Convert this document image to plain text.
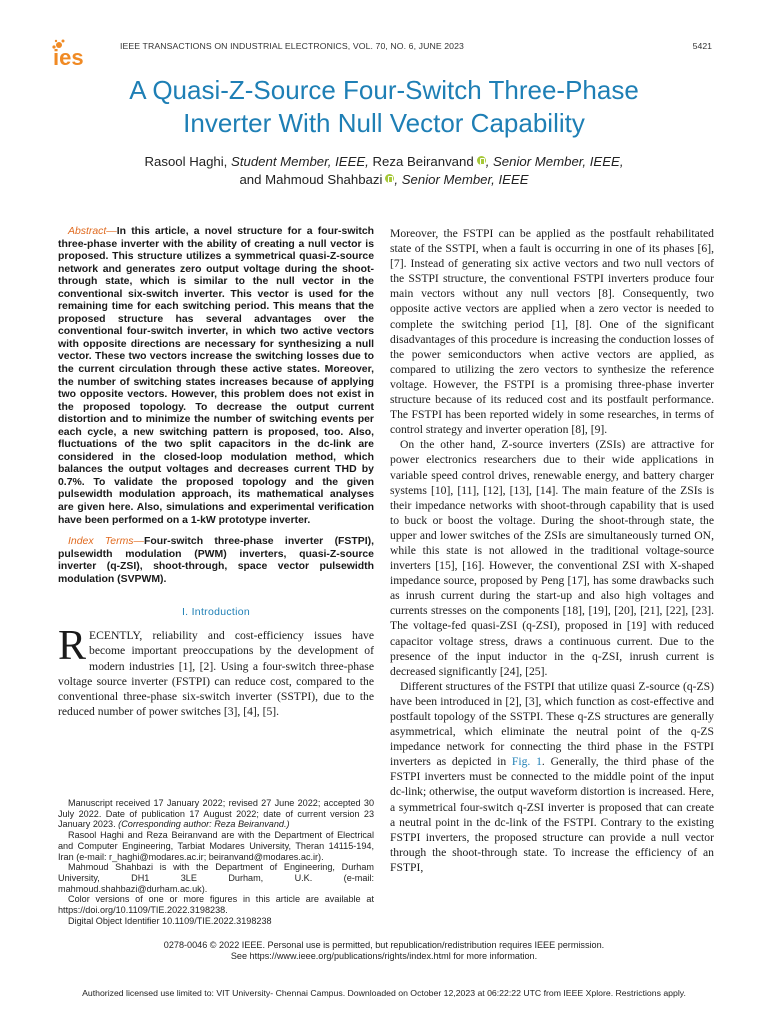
ies	IEEE TRANSACTIONS ON INDUSTRIAL ELECTRONICS, VOL. 70, NO. 6, JUNE 2023	5421
A Quasi-Z-Source Four-Switch Three-Phase
Inverter With Null Vector Capability
Rasool Haghi, Student Member, IEEE, Reza Beiranvand , Senior Member, IEEE,
and Mahmoud Shahbazi , Senior Member, IEEE

Abstract—In this article, a novel structure for a four-switch three-phase inverter with the ability of creating a null vector is proposed. This structure utilizes a symmetrical quasi-Z-source network and generates zero output voltage during the shoot-through state, which is similar to the null vector in the conventional six-switch inverter. This vector is used for the remaining time for each switching period. This means that the proposed structure has several advantages over the conventional four-switch inverter, in which two active vectors with opposite directions are necessary for synthesizing a null vector. These two vectors increase the switching losses due to the current circulation through these active states. Moreover, the number of switching states increases because of applying two opposite vectors. However, this problem does not exist in the proposed topology. To decrease the output current distortion and to minimize the number of switching events per each cycle, a new switching pattern is proposed, too. Also, fluctuations of the two split capacitors in the dc-link are considered in the closed-loop modulation method, which balances the output voltages and decreases current THD by 0.7%. To validate the proposed topology and the given pulsewidth modulation approach, its mathematical analyses are given here. Also, simulations and experimental verification have been performed on a 1-kW prototype inverter.

Index Terms—Four-switch three-phase inverter (FSTPI), pulsewidth modulation (PWM) inverters, quasi-Z-source inverter (q-ZSI), shoot-through, space vector pulsewidth modulation (SVPWM).

I. Introduction

RECENTLY, reliability and cost-efficiency issues have become important preoccupations by the development of modern industries [1], [2]. Using a four-switch three-phase voltage source inverter (FSTPI) can reduce cost, compared to the conventional three-phase six-switch inverter (SSTPI), due to the reduced number of power switches [3], [4], [5].

Manuscript received 17 January 2022; revised 27 June 2022; accepted 30 July 2022. Date of publication 17 August 2022; date of current version 23 January 2023. (Corresponding author: Reza Beiranvand.)

Rasool Haghi and Reza Beiranvand are with the Department of Electrical and Computer Engineering, Tarbiat Modares University, Theran 14115-194, Iran (e-mail: r_haghi@modares.ac.ir; beiranvand@modares.ac.ir).

Mahmoud Shahbazi is with the Department of Engineering, Durham University, DH1 3LE Durham, U.K. (e-mail: mahmoud.shahbazi@durham.ac.uk).

Color versions of one or more figures in this article are available at https://doi.org/10.1109/TIE.2022.3198238.

Digital Object Identifier 10.1109/TIE.2022.3198238

Moreover, the FSTPI can be applied as the postfault rehabilitated state of the SSTPI, when a fault is occurring in one of its phases [6], [7]. Instead of generating six active vectors and two null vectors of the SSTPI structure, the conventional FSTPI inverters produce four main vectors without any null vectors [8]. Consequently, two opposite active vectors are applied when a zero vector is needed to complete the switching period [1], [8]. One of the significant disadvantages of this procedure is increasing the conduction losses of the power semiconductors when active vectors are applied, as compared to utilizing the zero vectors to synthesize the reference voltage. However, the FSTPI is a promising three-phase inverter structure because of its reduced cost and its postfault performance. The FSTPI has been reported widely in some researches, in terms of control strategy and inverter operation [8], [9].

On the other hand, Z-source inverters (ZSIs) are attractive for power electronics researchers due to their wide applications in variable speed control drives, renewable energy, and battery charger systems [10], [11], [12], [13], [14]. The main feature of the ZSIs is their impedance networks with shoot-through capability that is used to buck or boost the voltage. During the shoot-through state, the upper and lower switches of the ZSIs are simultaneously turned ON, while this state is not allowed in the traditional voltage-source inverters [15], [16]. However, the conventional ZSI with X-shaped impedance source, proposed by Peng [17], has some drawbacks such as inrush current during the start-up and also high voltages and currents stresses on the components [18], [19], [20], [21], [22], [23]. The voltage-fed quasi-ZSI (q-ZSI), proposed in [19] with reduced capacitor voltage stress, draws a continuous current. Due to the presence of the input inductor in the q-ZSI, inrush current is decreased significantly [24], [25].

Different structures of the FSTPI that utilize quasi Z-source (q-ZS) have been introduced in [2], [3], which function as cost-effective and postfault topology of the SSTPI. These q-ZS structures are generally asymmetrical, which eliminate the neutral point of the q-ZS impedance network for connecting the third phase in the FSTPI inverters as depicted in Fig. 1. Generally, the third phase of the FSTPI inverters must be connected to the middle point of the input dc-link; otherwise, the output waveform distortion is increased. Here, a symmetrical four-switch q-ZSI inverter is proposed that can create a neutral point in the dc-link of the FSTPI. Contrary to the existing FSTPI inverters, the proposed structure can provide a null vector through the shoot-through state. To increase the efficiency of an FSTPI,

0278-0046 © 2022 IEEE. Personal use is permitted, but republication/redistribution requires IEEE permission.
See https://www.ieee.org/publications/rights/index.html for more information.
Authorized licensed use limited to: VIT University- Chennai Campus. Downloaded on October 12,2023 at 06:22:22 UTC from IEEE Xplore. Restrictions apply.
